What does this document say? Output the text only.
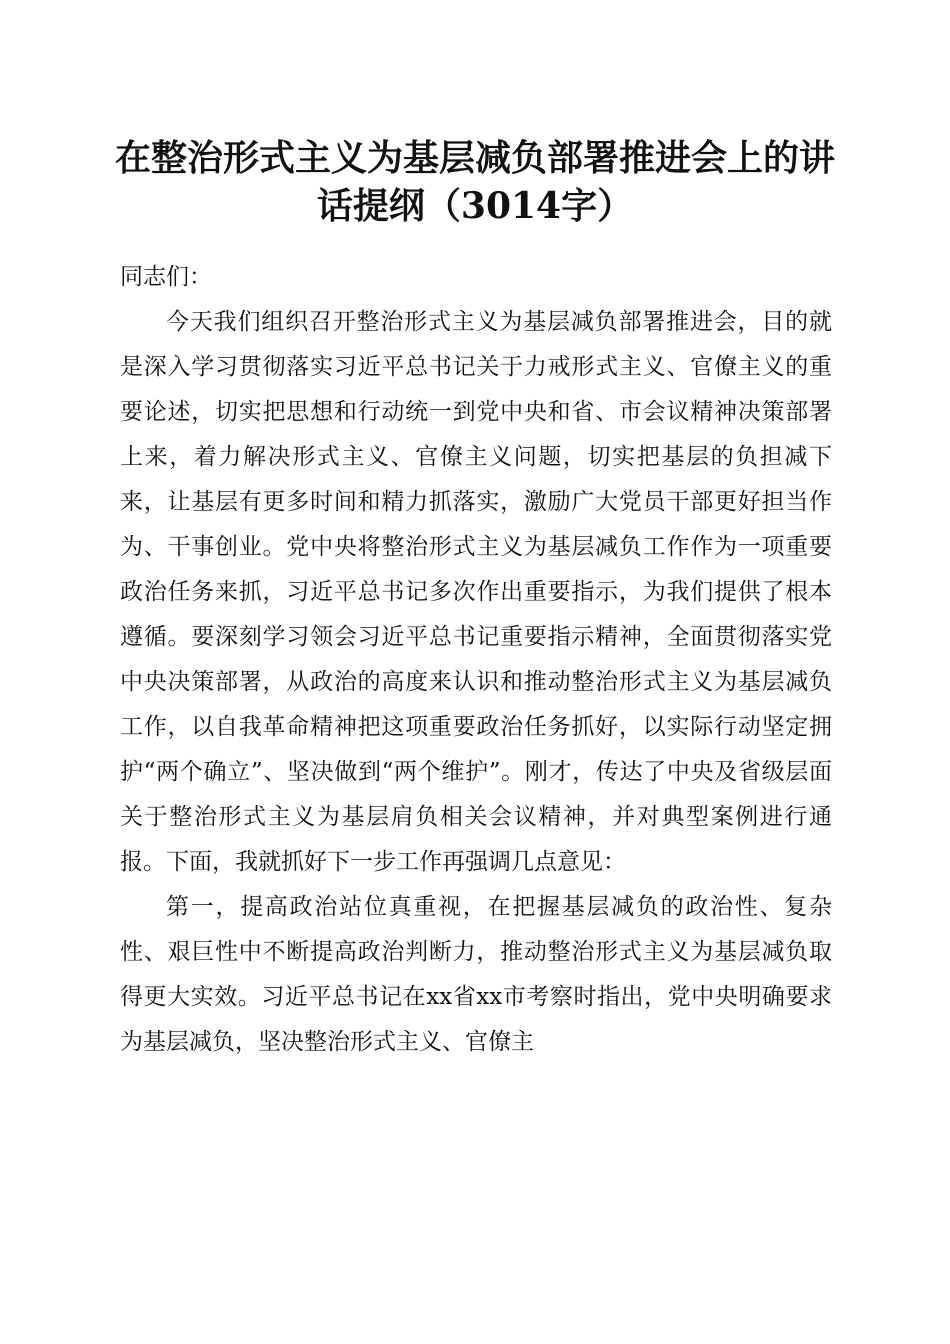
在整治形式主义为基层减负部署推进会上的讲话提纲（3014字）

同志们：

今天我们组织召开整治形式主义为基层减负部署推进会，目的就是深入学习贯彻落实习近平总书记关于力戒形式主义、官僚主义的重要论述，切实把思想和行动统一到党中央和省、市会议精神决策部署上来，着力解决形式主义、官僚主义问题，切实把基层的负担减下来，让基层有更多时间和精力抓落实，激励广大党员干部更好担当作为、干事创业。党中央将整治形式主义为基层减负工作作为一项重要政治任务来抓，习近平总书记多次作出重要指示，为我们提供了根本遵循。要深刻学习领会习近平总书记重要指示精神，全面贯彻落实党中央决策部署，从政治的高度来认识和推动整治形式主义为基层减负工作，以自我革命精神把这项重要政治任务抓好，以实际行动坚定拥护“两个确立”、坚决做到“两个维护”。刚才，传达了中央及省级层面关于整治形式主义为基层肩负相关会议精神，并对典型案例进行通报。下面，我就抓好下一步工作再强调几点意见：

第一，提高政治站位真重视，在把握基层减负的政治性、复杂性、艰巨性中不断提高政治判断力，推动整治形式主义为基层减负取得更大实效。习近平总书记在xx省xx市考察时指出，党中央明确要求为基层减负，坚决整治形式主义、官僚主
